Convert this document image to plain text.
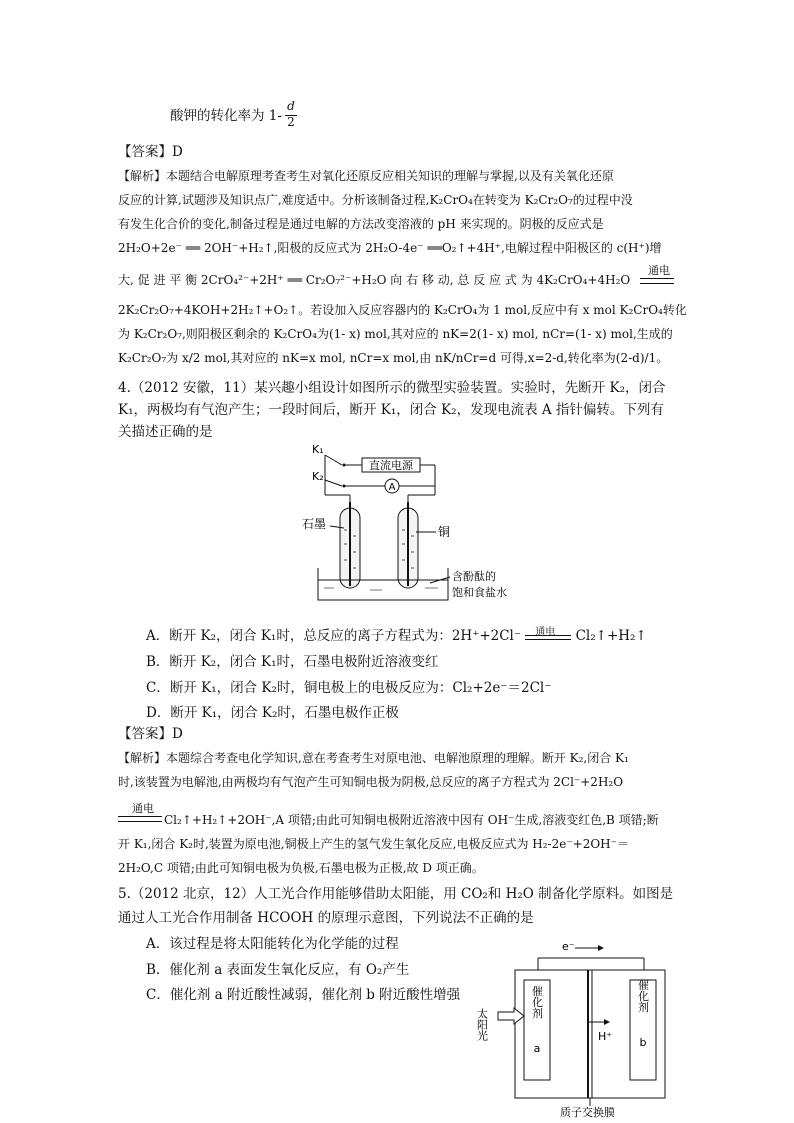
酸钾的转化率为 1-
d
2
【答案】D
【解析】本题结合电解原理考查考生对氧化还原反应相关知识的理解与掌握,以及有关氧化还原
反应的计算,试题涉及知识点广,难度适中。分析该制备过程,K₂CrO₄在转变为 K₂Cr₂O₇的过程中没
有发生化合价的变化,制备过程是通过电解的方法改变溶液的 pH 来实现的。阴极的反应式是
2H₂O+2e⁻ ══ 2OH⁻+H₂↑,阳极的反应式为 2H₂O-4e⁻ ══O₂↑+4H⁺,电解过程中阳极区的 c(H⁺)增
大, 促 进 平 衡 2CrO₄²⁻+2H⁺ ══ Cr₂O₇²⁻+H₂O 向 右 移 动, 总 反 应 式 为 4K₂CrO₄+4H₂O
通电
2K₂Cr₂O₇+4KOH+2H₂↑+O₂↑。若设加入反应容器内的 K₂CrO₄为 1 mol,反应中有 x mol K₂CrO₄转化
为 K₂Cr₂O₇,则阳极区剩余的 K₂CrO₄为(1- x) mol,其对应的 nK=2(1- x) mol, nCr=(1- x) mol,生成的
K₂Cr₂O₇为 x/2 mol,其对应的 nK=x mol, nCr=x mol,由 nK/nCr=d 可得,x=2-d,转化率为(2-d)/1。
4.（2012 安徽，11）某兴趣小组设计如图所示的微型实验装置。实验时，先断开 K₂，闭合
K₁，两极均有气泡产生；一段时间后，断开 K₁，闭合 K₂，发现电流表 A 指针偏转。下列有
关描述正确的是
直流电源
A
K₁
K₂
石墨
铜
含酚酞的
饱和食盐水
A．断开 K₂，闭合 K₁时，总反应的离子方程式为：2H⁺+2Cl⁻ 通电 Cl₂↑+H₂↑
B．断开 K₂，闭合 K₁时，石墨电极附近溶液变红
C．断开 K₁，闭合 K₂时，铜电极上的电极反应为：Cl₂+2e⁻＝2Cl⁻
D．断开 K₁，闭合 K₂时，石墨电极作正极
【答案】D
【解析】本题综合考查电化学知识,意在考查考生对原电池、电解池原理的理解。断开 K₂,闭合 K₁
时,该装置为电解池,由两极均有气泡产生可知铜电极为阴极,总反应的离子方程式为 2Cl⁻+2H₂O
通电
Cl₂↑+H₂↑+2OH⁻,A 项错;由此可知铜电极附近溶液中因有 OH⁻生成,溶液变红色,B 项错;断
开 K₁,闭合 K₂时,装置为原电池,铜极上产生的氢气发生氧化反应,电极反应式为 H₂-2e⁻+2OH⁻＝
2H₂O,C 项错;由此可知铜电极为负极,石墨电极为正极,故 D 项正确。
5.（2012 北京，12）人工光合作用能够借助太阳能，用 CO₂和 H₂O 制备化学原料。如图是
通过人工光合作用制备 HCOOH 的原理示意图，下列说法不正确的是
A．该过程是将太阳能转化为化学能的过程
B．催化剂 a 表面发生氧化反应，有 O₂产生
C．催化剂 a 附近酸性减弱，催化剂 b 附近酸性增强
e⁻
催化剂
a
催化剂
b
H⁺
太阳光
质子交换膜
